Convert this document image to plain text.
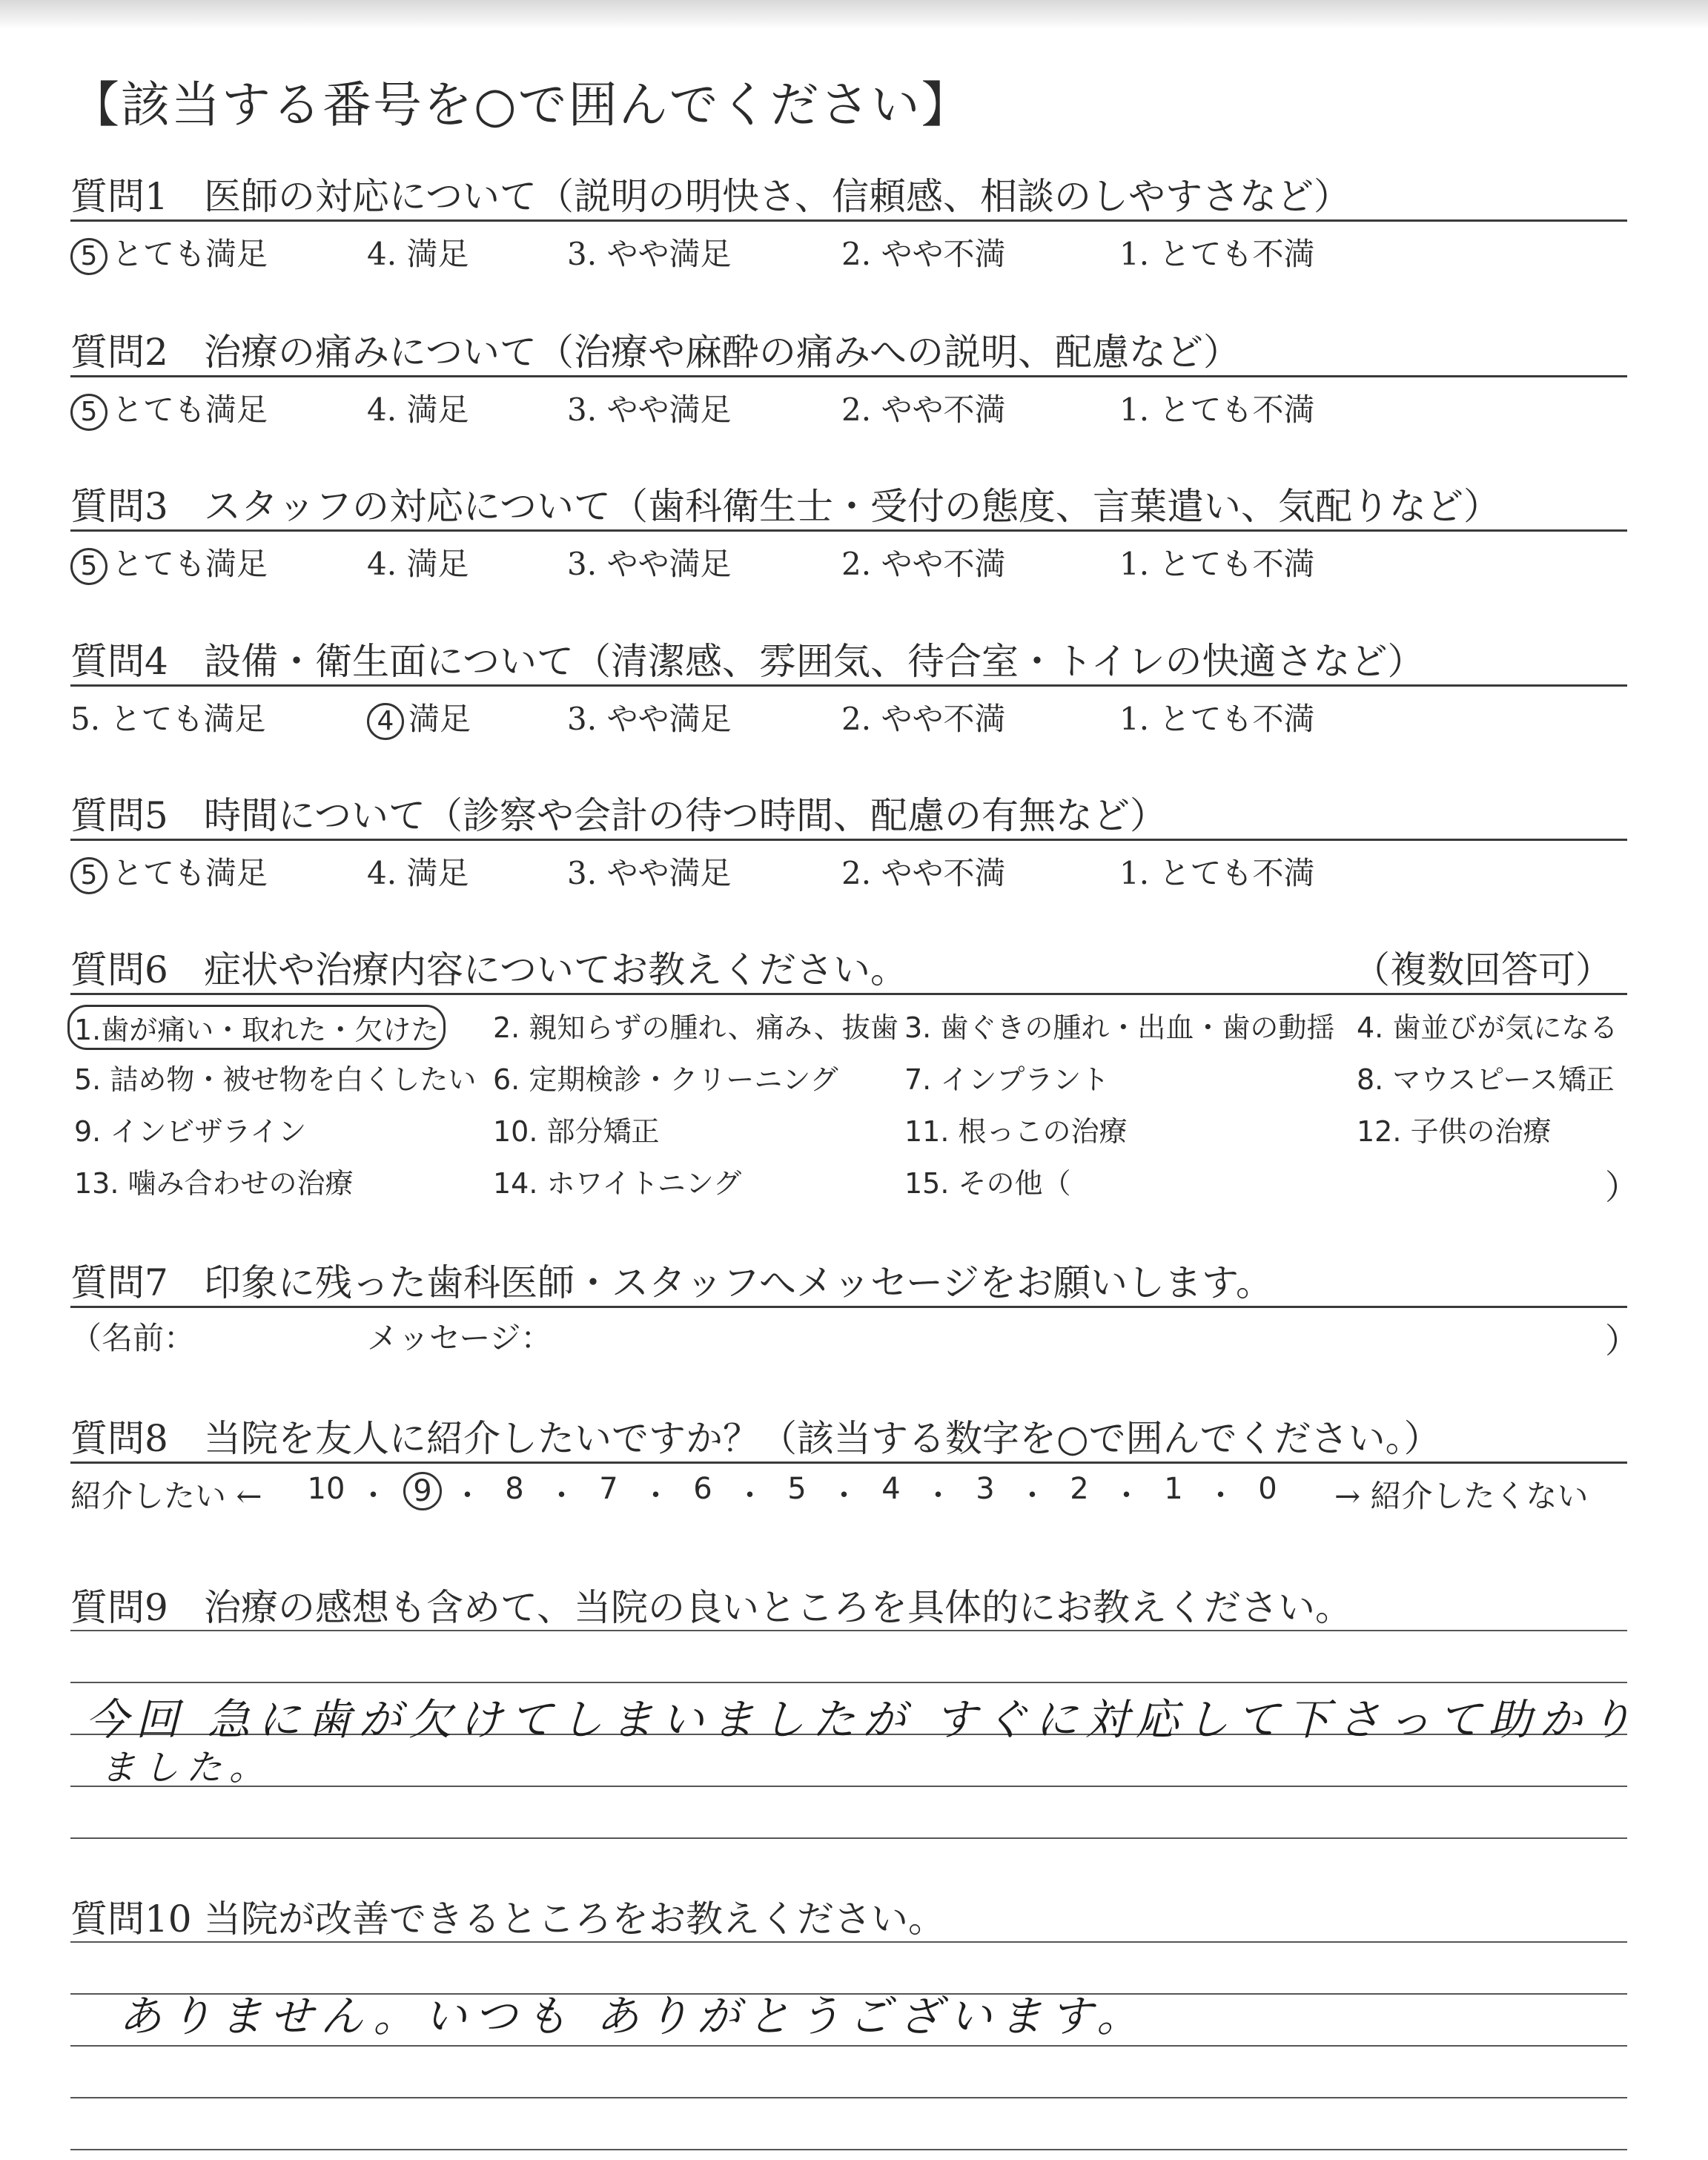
【該当する番号を○で囲んでください】
質問1 医師の対応について（説明の明快さ、信頼感、相談のしやすさなど）
5 とても満足	4. 満足	3. やや満足	2. やや不満	1. とても不満
質問2 治療の痛みについて（治療や麻酔の痛みへの説明、配慮など）
5 とても満足	4. 満足	3. やや満足	2. やや不満	1. とても不満
質問3 スタッフの対応について（歯科衛生士・受付の態度、言葉遣い、気配りなど）
5 とても満足	4. 満足	3. やや満足	2. やや不満	1. とても不満
質問4 設備・衛生面について（清潔感、雰囲気、待合室・トイレの快適さなど）
5. とても満足	4 満足	3. やや満足	2. やや不満	1. とても不満
質問5 時間について（診察や会計の待つ時間、配慮の有無など）
5 とても満足	4. 満足	3. やや満足	2. やや不満	1. とても不満
質問6 症状や治療内容についてお教えください。	（複数回答可）
1.歯が痛い・取れた・欠けた 2. 親知らずの腫れ、痛み、抜歯 3. 歯ぐきの腫れ・出血・歯の動揺 4. 歯並びが気になる
5. 詰め物・被せ物を白くしたい 6. 定期検診・クリーニング 7. インプラント	8. マウスピース矯正
9. インビザライン	10. 部分矯正	11. 根っこの治療	12. 子供の治療
13. 噛み合わせの治療	14. ホワイトニング	15. その他（	）
質問7 印象に残った歯科医師・スタッフへメッセージをお願いします。
（名前：	メッセージ：	）
質問8 当院を友人に紹介したいですか？（該当する数字を○で囲んでください。）
紹介したい ← 10 ・ 9 ・ 8 ・ 7 ・ 6 ・ 5 ・ 4 ・ 3 ・ 2 ・ 1 ・ 0	→ 紹介したくない
質問9 治療の感想も含めて、当院の良いところを具体的にお教えください。
今回 急に歯が欠けてしまいましたが すぐに対応して下さって助かり
ました。
質問10 当院が改善できるところをお教えください。
ありません。いつも ありがとうございます。
